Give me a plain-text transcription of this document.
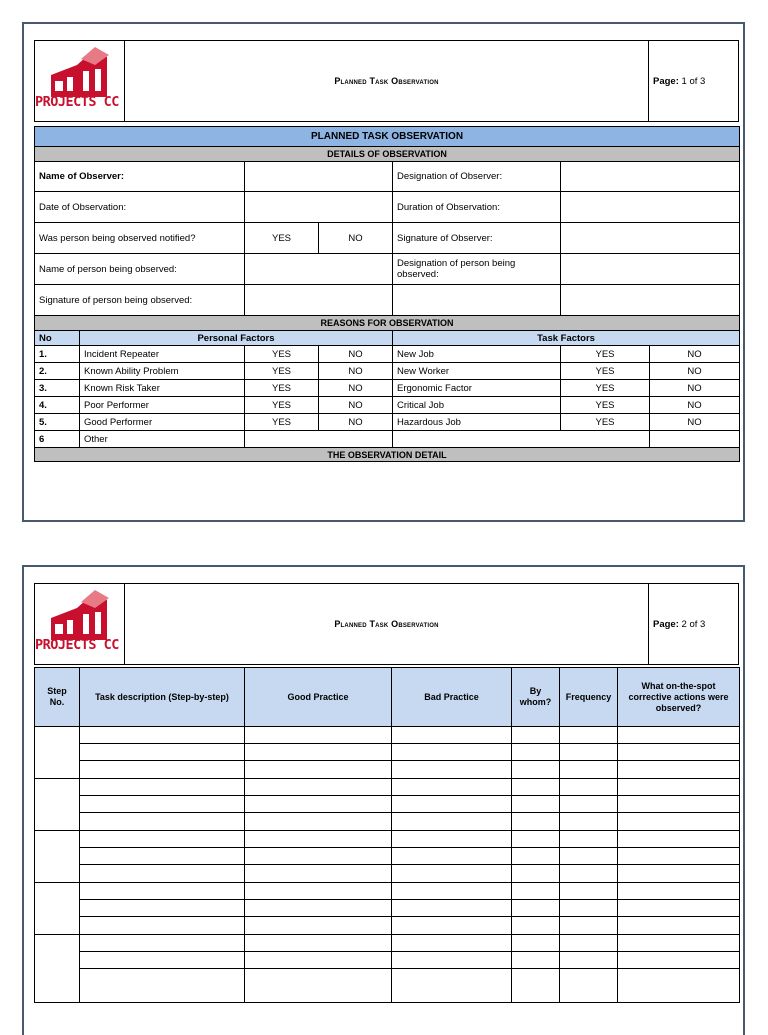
PROJECTS CC
	Planned Task Observation	Page: 1 of 3
PLANNED TASK OBSERVATION						
DETAILS OF OBSERVATION						
Name of Observer:				Designation of Observer:		
Date of Observation:				Duration of Observation:		
Was person being observed notified?		YES	NO	Signature of Observer:		
Name of person being observed:				Designation of person being observed:		
Signature of person being observed:						
REASONS FOR OBSERVATION						
No	Personal Factors			Task Factors		
1.	Incident Repeater	YES	NO	New Job	YES	NO
2.	Known Ability Problem	YES	NO	New Worker	YES	NO
3.	Known Risk Taker	YES	NO	Ergonomic Factor	YES	NO
4.	Poor Performer	YES	NO	Critical Job	YES	NO
5.	Good Performer	YES	NO	Hazardous Job	YES	NO
6	Other					
THE OBSERVATION DETAIL						
PROJECTS CC
	Planned Task Observation	Page: 2 of 3
Step No.	Task description (Step-by-step)	Good Practice	Bad Practice	By whom?	Frequency	What on-the-spot corrective actions were observed?
